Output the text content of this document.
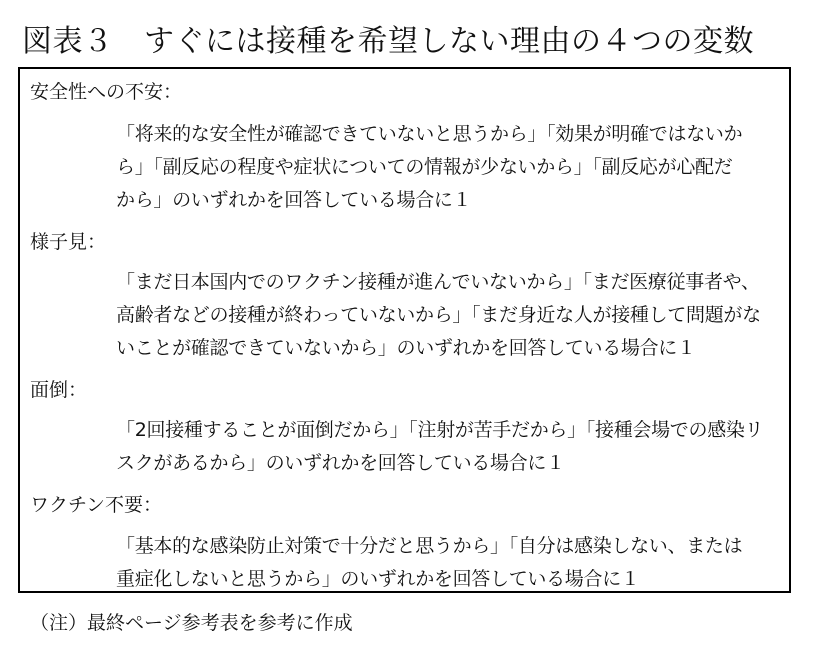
図表３　すぐには接種を希望しない理由の４つの変数
安全性への不安：
「将来的な安全性が確認できていないと思うから」「効果が明確ではないか
ら」「副反応の程度や症状についての情報が少ないから」「副反応が心配だ
から」のいずれかを回答している場合に１
様子見：
「まだ日本国内でのワクチン接種が進んでいないから」「まだ医療従事者や、
高齢者などの接種が終わっていないから」「まだ身近な人が接種して問題がな
いことが確認できていないから」のいずれかを回答している場合に１
面倒：
「2回接種することが面倒だから」「注射が苦手だから」「接種会場での感染リ
スクがあるから」のいずれかを回答している場合に１
ワクチン不要：
「基本的な感染防止対策で十分だと思うから」「自分は感染しない、または
重症化しないと思うから」のいずれかを回答している場合に１
（注）最終ページ参考表を参考に作成
